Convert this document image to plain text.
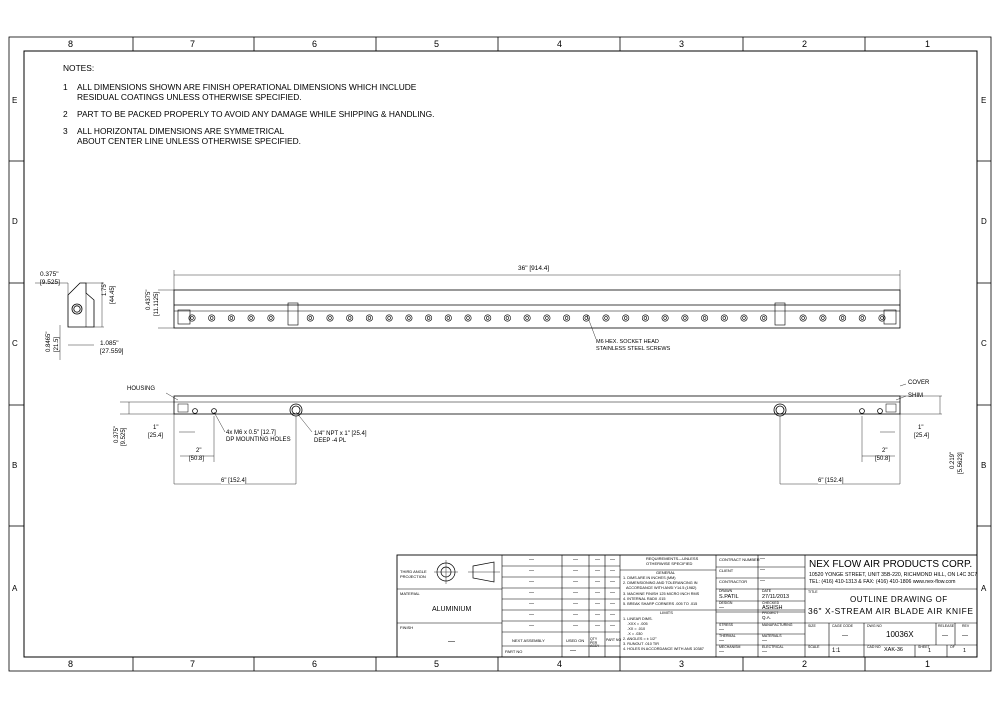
8	7	6	5	4	3	2	1
8	7	6	5	4	3	2	1
E
D
C
B
A
E
D
C
B
A
NOTES:
1 ALL DIMENSIONS SHOWN ARE FINISH OPERATIONAL DIMENSIONS WHICH INCLUDE
RESIDUAL COATINGS UNLESS OTHERWISE SPECIFIED.
2 PART TO BE PACKED PROPERLY TO AVOID ANY DAMAGE WHILE SHIPPING & HANDLING.
3 ALL HORIZONTAL DIMENSIONS ARE SYMMETRICAL
ABOUT CENTER LINE UNLESS OTHERWISE SPECIFIED.
0.375"
[9.525]	1.75" [44.45]
0.8465" [21.5]	1.085"
[27.559]
36" [914.4]
0.4375" [11.1125]
M6 HEX. SOCKET HEAD
STAINLESS STEEL SCREWS
HOUSING
COVER
SHIM
1"
[25.4]
0.375" [9.525]
2"
[50.8]
4x M6 x 0.5" [12.7]
DP MOUNTING HOLES
1/4" NPT x 1" [25.4]
DEEP -4 PL
6" [152.4]	6" [152.4]
1"
[25.4]
2"
[50.8]	0.219" [5.5623]
THIRD ANGLE
PROJECTION
MATERIAL
ALUMINIUM
FINISH
—
—	—	— —
—	—	— —
—	—	— —
—	—	— —
—	—	— —
—	—	— —
—	—	— —
NEXT ASSEMBLY	USED ON QTY PER ASSY
PART NO
PART NO	—
REQUIREMENTS—UNLESS
OTHERWISE SPECIFIED
GENERAL
1. DIMS ARE IN INCHES (MM)
2. DIMENSIONING AND TOLERANCING IN
ACCORDANCE WITH ANSI Y14.5 (1982)
3. MACHINE FINISH 125 MICRO INCH RMS
4. INTERNAL RADII .015
5. BREAK SHARP CORNERS .005 TO .015
LIMITS
1. LINEAR DIMS.
.XXX = .005
.XX = .010
.X = .030
2. ANGLES = ± 1/2°
3. RUNOUT .010 TIR
4. HOLES IN ACCORDANCE WITH ANS 10387
CONTRACT NUMBER —
CLIENT	—
CONTRACTOR	—
DRAWN
S.PATIL
DATE
27/11/2013
DESIGN
—
CHECKED
ASHISH
PROJECT
Q.A.
STRESS
—
MANUFACTURING
THERMAL
—
MATERIALS
—
MECHANISM
—
ELECTRICAL
—
NEX FLOW AIR PRODUCTS CORP.
10520 YONGE STREET, UNIT 35B-220, RICHMOND HILL, ON L4C 3C7
TEL: (416) 410-1313 & FAX: (416) 410-1806 www.nex-flow.com
TITLE
OUTLINE DRAWING OF
36" X-STREAM AIR BLADE AIR KNIFE
SIZE	CAGE CODE
—
DWG NO
10036X
RELEASE
—
REV
—
SCALE
1:1
CAD NO XAK-36	SHEET
1
OF
1
